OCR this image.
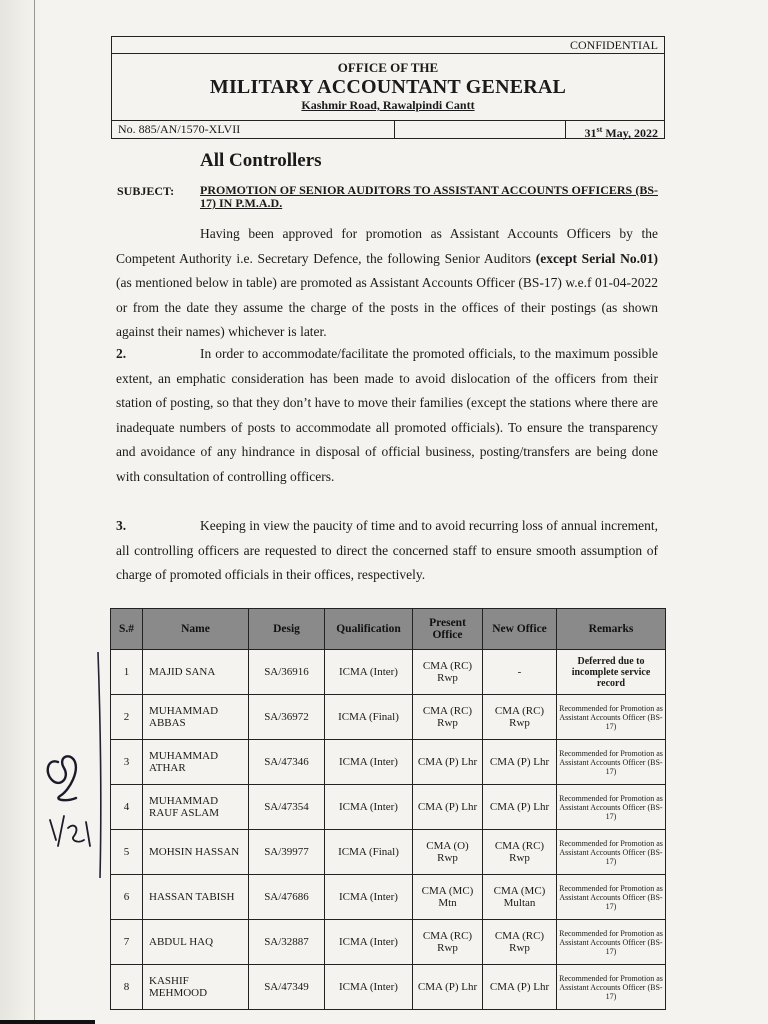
CONFIDENTIAL
OFFICE OF THE
MILITARY ACCOUNTANT GENERAL
Kashmir Road, Rawalpindi Cantt
No. 885/AN/1570-XLVII	31st May, 2022
All Controllers
SUBJECT: PROMOTION OF SENIOR AUDITORS TO ASSISTANT ACCOUNTS OFFICERS (BS-17) IN P.M.A.D.
Having been approved for promotion as Assistant Accounts Officers by the Competent Authority i.e. Secretary Defence, the following Senior Auditors (except Serial No.01) (as mentioned below in table) are promoted as Assistant Accounts Officer (BS-17) w.e.f 01-04-2022 or from the date they assume the charge of the posts in the offices of their postings (as shown against their names) whichever is later.
2.	In order to accommodate/facilitate the promoted officials, to the maximum possible extent, an emphatic consideration has been made to avoid dislocation of the officers from their station of posting, so that they don’t have to move their families (except the stations where there are inadequate numbers of posts to accommodate all promoted officials). To ensure the transparency and avoidance of any hindrance in disposal of official business, posting/transfers are being done with consultation of controlling officers.
3.	Keeping in view the paucity of time and to avoid recurring loss of annual increment, all controlling officers are requested to direct the concerned staff to ensure smooth assumption of charge of promoted officials in their offices, respectively.
S.#	Name	Desig	Qualification	Present Office	New Office	Remarks
1	MAJID SANA	SA/36916	ICMA (Inter)	CMA (RC) Rwp	-	Deferred due to incomplete service record
2	MUHAMMAD ABBAS	SA/36972	ICMA (Final)	CMA (RC) Rwp	CMA (RC) Rwp	Recommended for Promotion as Assistant Accounts Officer (BS-17)
3	MUHAMMAD ATHAR	SA/47346	ICMA (Inter)	CMA (P) Lhr	CMA (P) Lhr	Recommended for Promotion as Assistant Accounts Officer (BS-17)
4	MUHAMMAD RAUF ASLAM	SA/47354	ICMA (Inter)	CMA (P) Lhr	CMA (P) Lhr	Recommended for Promotion as Assistant Accounts Officer (BS-17)
5	MOHSIN HASSAN	SA/39977	ICMA (Final)	CMA (O) Rwp	CMA (RC) Rwp	Recommended for Promotion as Assistant Accounts Officer (BS-17)
6	HASSAN TABISH	SA/47686	ICMA (Inter)	CMA (MC) Mtn	CMA (MC) Multan	Recommended for Promotion as Assistant Accounts Officer (BS-17)
7	ABDUL HAQ	SA/32887	ICMA (Inter)	CMA (RC) Rwp	CMA (RC) Rwp	Recommended for Promotion as Assistant Accounts Officer (BS-17)
8	KASHIF MEHMOOD	SA/47349	ICMA (Inter)	CMA (P) Lhr	CMA (P) Lhr	Recommended for Promotion as Assistant Accounts Officer (BS-17)
